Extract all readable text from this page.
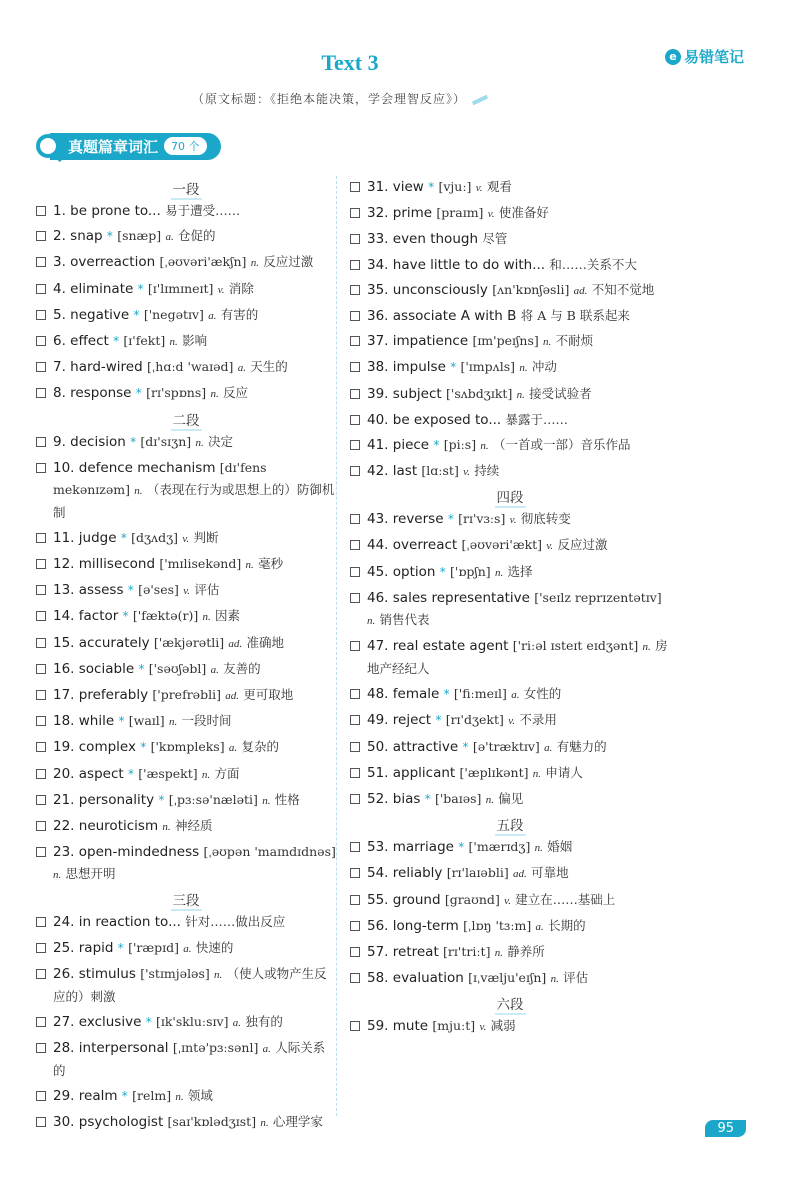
Text 3
（原文标题：《拒绝本能决策，学会理智反应》）
e 易错笔记
真题篇章词汇	70 个
一段
1. be prone to... 易于遭受……
2. snap * [snæp] a. 仓促的
3. overreaction [ˌəʊvəri'ækʃn] n. 反应过激
4. eliminate * [ɪ'lɪmɪneɪt] v. 消除
5. negative * ['negətɪv] a. 有害的
6. effect * [ɪ'fekt] n. 影响
7. hard-wired [ˌhɑːd 'waɪəd] a. 天生的
8. response * [rɪ'spɒns] n. 反应
二段
9. decision * [dɪ'sɪʒn] n. 决定
10. defence mechanism [dɪ'fens mekənɪzəm] n. （表现在行为或思想上的）防御机制
11. judge * [dʒʌdʒ] v. 判断
12. millisecond ['mɪlisekənd] n. 毫秒
13. assess * [ə'ses] v. 评估
14. factor * ['fæktə(r)] n. 因素
15. accurately ['ækjərətli] ad. 准确地
16. sociable * ['səʊʃəbl] a. 友善的
17. preferably ['prefrəbli] ad. 更可取地
18. while * [waɪl] n. 一段时间
19. complex * ['kɒmpleks] a. 复杂的
20. aspect * ['æspekt] n. 方面
21. personality * [ˌpɜːsə'næləti] n. 性格
22. neuroticism n. 神经质
23. open-mindedness [ˌəʊpən 'maɪndɪdnəs] n. 思想开明
三段
24. in reaction to... 针对……做出反应
25. rapid * ['ræpɪd] a. 快速的
26. stimulus ['stɪmjələs] n. （使人或物产生反应的）刺激
27. exclusive * [ɪk'skluːsɪv] a. 独有的
28. interpersonal [ˌɪntə'pɜːsənl] a. 人际关系的
29. realm * [relm] n. 领域
30. psychologist [saɪ'kɒlədʒɪst] n. 心理学家
31. view * [vjuː] v. 观看
32. prime [praɪm] v. 使准备好
33. even though 尽管
34. have little to do with... 和……关系不大
35. unconsciously [ʌn'kɒnʃəsli] ad. 不知不觉地
36. associate A with B 将 A 与 B 联系起来
37. impatience [ɪm'peɪʃns] n. 不耐烦
38. impulse * ['ɪmpʌls] n. 冲动
39. subject ['sʌbdʒɪkt] n. 接受试验者
40. be exposed to... 暴露于……
41. piece * [piːs] n. （一首或一部）音乐作品
42. last [lɑːst] v. 持续
四段
43. reverse * [rɪ'vɜːs] v. 彻底转变
44. overreact [ˌəʊvəri'ækt] v. 反应过激
45. option * ['ɒpʃn] n. 选择
46. sales representative ['seɪlz reprɪzentətɪv] n. 销售代表
47. real estate agent ['riːəl ɪsteɪt eɪdʒənt] n. 房地产经纪人
48. female * ['fiːmeɪl] a. 女性的
49. reject * [rɪ'dʒekt] v. 不录用
50. attractive * [ə'træktɪv] a. 有魅力的
51. applicant ['æplɪkənt] n. 申请人
52. bias * ['baɪəs] n. 偏见
五段
53. marriage * ['mærɪdʒ] n. 婚姻
54. reliably [rɪ'laɪəbli] ad. 可靠地
55. ground [graʊnd] v. 建立在……基础上
56. long-term [ˌlɒŋ 'tɜːm] a. 长期的
57. retreat [rɪ'triːt] n. 静养所
58. evaluation [ɪˌvælju'eɪʃn] n. 评估
六段
59. mute [mjuːt] v. 减弱
95
